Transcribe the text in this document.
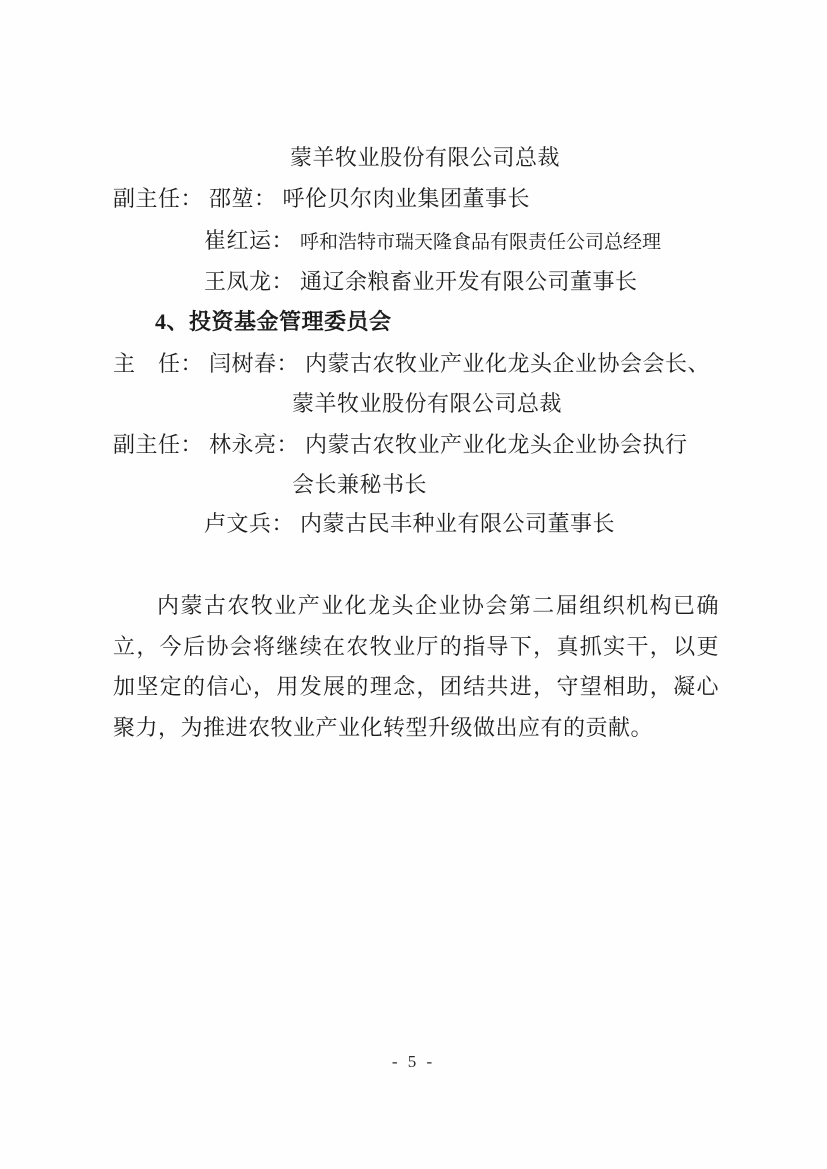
蒙羊牧业股份有限公司总裁
副主任： 邵堃： 呼伦贝尔肉业集团董事长
崔红运： 呼和浩特市瑞天隆食品有限责任公司总经理
王凤龙： 通辽余粮畜业开发有限公司董事长
4、投资基金管理委员会
主　任： 闫树春： 内蒙古农牧业产业化龙头企业协会会长、
蒙羊牧业股份有限公司总裁
副主任： 林永亮： 内蒙古农牧业产业化龙头企业协会执行
会长兼秘书长
卢文兵： 内蒙古民丰种业有限公司董事长

内蒙古农牧业产业化龙头企业协会第二届组织机构已确立，今后协会将继续在农牧业厅的指导下，真抓实干，以更加坚定的信心，用发展的理念，团结共进，守望相助，凝心聚力，为推进农牧业产业化转型升级做出应有的贡献。

- 5 -
